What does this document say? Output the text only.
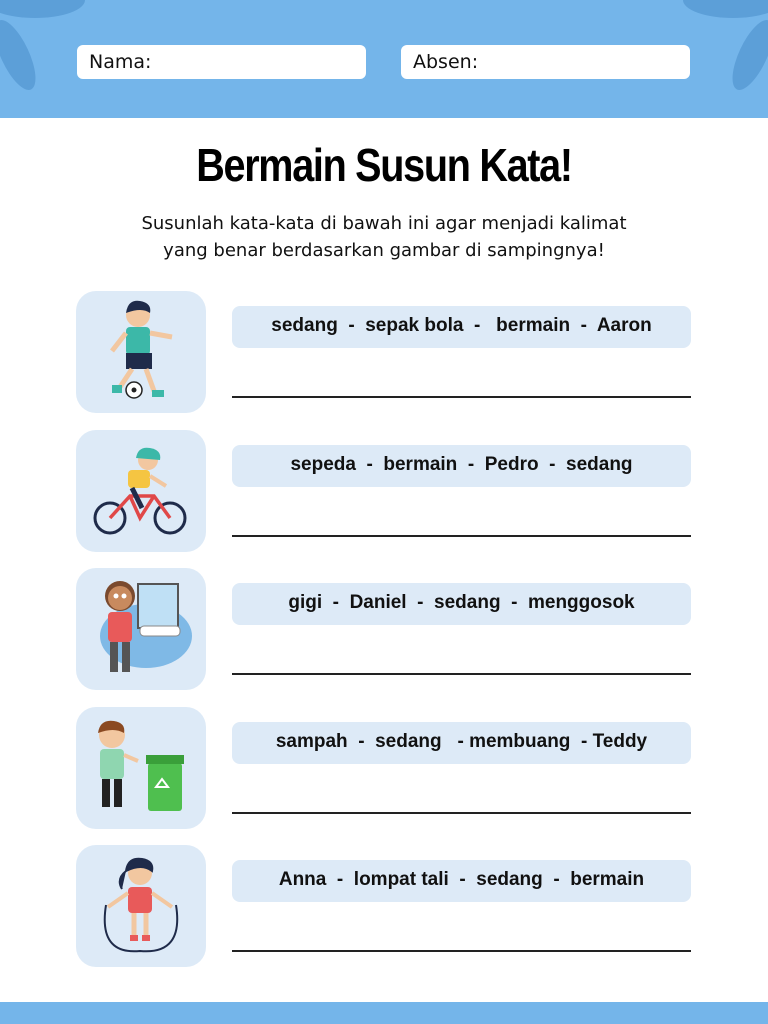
Nama:	Absen:
Bermain Susun Kata!
Susunlah kata-kata di bawah ini agar menjadi kalimat
yang benar berdasarkan gambar di sampingnya!
sedang  -  sepak bola  -   bermain  -  Aaron
sepeda  -  bermain  -  Pedro  -  sedang
gigi  -  Daniel  -  sedang  -  menggosok
sampah  -  sedang   - membuang  - Teddy
Anna  -  lompat tali  -  sedang  -  bermain
